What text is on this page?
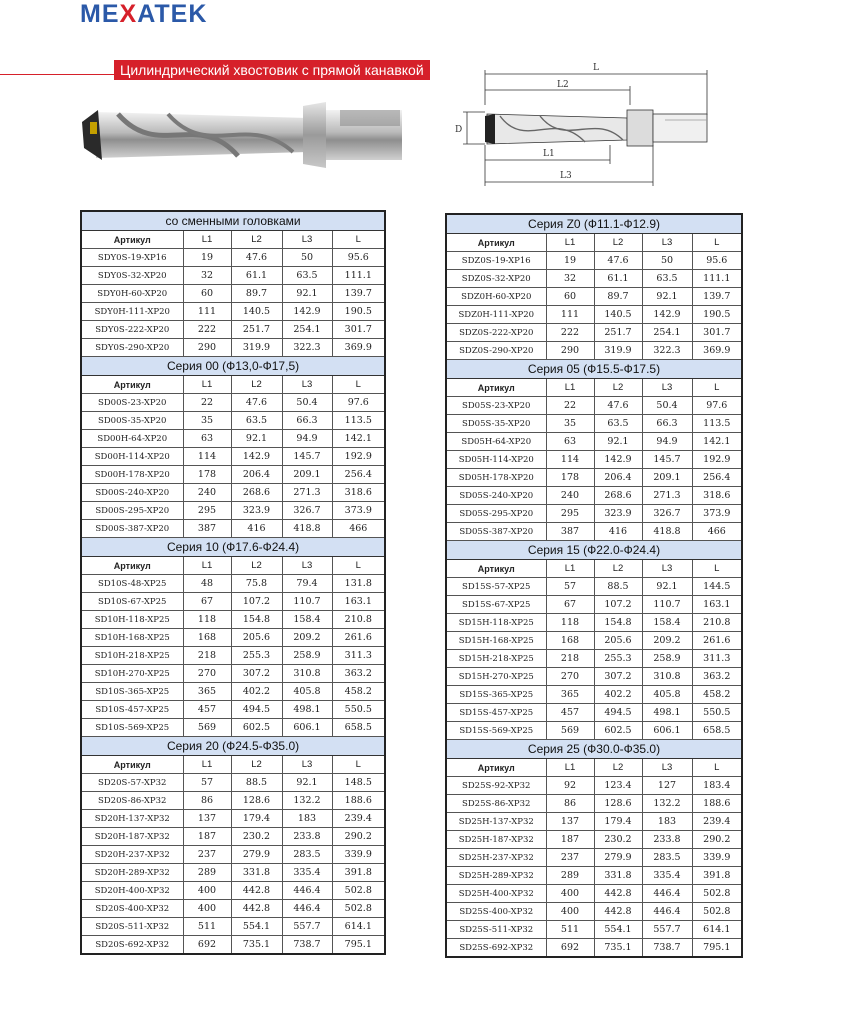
MEXATEK
Цилиндрический хвостовик с прямой канавкой	L
L2
L1
L3
D
со сменными головками				
Артикул	L1	L2	L3	L
SDY0S-19-XP16	19	47.6	50	95.6
SDY0S-32-XP20	32	61.1	63.5	111.1
SDY0H-60-XP20	60	89.7	92.1	139.7
SDY0H-111-XP20	111	140.5	142.9	190.5
SDY0S-222-XP20	222	251.7	254.1	301.7
SDY0S-290-XP20	290	319.9	322.3	369.9
Серия 00 (Ф13,0-Ф17,5)				
Артикул	L1	L2	L3	L
SD00S-23-XP20	22	47.6	50.4	97.6
SD00S-35-XP20	35	63.5	66.3	113.5
SD00H-64-XP20	63	92.1	94.9	142.1
SD00H-114-XP20	114	142.9	145.7	192.9
SD00H-178-XP20	178	206.4	209.1	256.4
SD00S-240-XP20	240	268.6	271.3	318.6
SD00S-295-XP20	295	323.9	326.7	373.9
SD00S-387-XP20	387	416	418.8	466
Серия 10 (Ф17.6-Ф24.4)				
Артикул	L1	L2	L3	L
SD10S-48-XP25	48	75.8	79.4	131.8
SD10S-67-XP25	67	107.2	110.7	163.1
SD10H-118-XP25	118	154.8	158.4	210.8
SD10H-168-XP25	168	205.6	209.2	261.6
SD10H-218-XP25	218	255.3	258.9	311.3
SD10H-270-XP25	270	307.2	310.8	363.2
SD10S-365-XP25	365	402.2	405.8	458.2
SD10S-457-XP25	457	494.5	498.1	550.5
SD10S-569-XP25	569	602.5	606.1	658.5
Серия 20 (Ф24.5-Ф35.0)				
Артикул	L1	L2	L3	L
SD20S-57-XP32	57	88.5	92.1	148.5
SD20S-86-XP32	86	128.6	132.2	188.6
SD20H-137-XP32	137	179.4	183	239.4
SD20H-187-XP32	187	230.2	233.8	290.2
SD20H-237-XP32	237	279.9	283.5	339.9
SD20H-289-XP32	289	331.8	335.4	391.8
SD20H-400-XP32	400	442.8	446.4	502.8
SD20S-400-XP32	400	442.8	446.4	502.8
SD20S-511-XP32	511	554.1	557.7	614.1
SD20S-692-XP32	692	735.1	738.7	795.1
Серия Z0 (Ф11.1-Ф12.9)				
Артикул	L1	L2	L3	L
SDZ0S-19-XP16	19	47.6	50	95.6
SDZ0S-32-XP20	32	61.1	63.5	111.1
SDZ0H-60-XP20	60	89.7	92.1	139.7
SDZ0H-111-XP20	111	140.5	142.9	190.5
SDZ0S-222-XP20	222	251.7	254.1	301.7
SDZ0S-290-XP20	290	319.9	322.3	369.9
Серия 05 (Ф15.5-Ф17.5)				
Артикул	L1	L2	L3	L
SD05S-23-XP20	22	47.6	50.4	97.6
SD05S-35-XP20	35	63.5	66.3	113.5
SD05H-64-XP20	63	92.1	94.9	142.1
SD05H-114-XP20	114	142.9	145.7	192.9
SD05H-178-XP20	178	206.4	209.1	256.4
SD05S-240-XP20	240	268.6	271.3	318.6
SD05S-295-XP20	295	323.9	326.7	373.9
SD05S-387-XP20	387	416	418.8	466
Серия 15 (Ф22.0-Ф24.4)				
Артикул	L1	L2	L3	L
SD15S-57-XP25	57	88.5	92.1	144.5
SD15S-67-XP25	67	107.2	110.7	163.1
SD15H-118-XP25	118	154.8	158.4	210.8
SD15H-168-XP25	168	205.6	209.2	261.6
SD15H-218-XP25	218	255.3	258.9	311.3
SD15H-270-XP25	270	307.2	310.8	363.2
SD15S-365-XP25	365	402.2	405.8	458.2
SD15S-457-XP25	457	494.5	498.1	550.5
SD15S-569-XP25	569	602.5	606.1	658.5
Серия 25 (Ф30.0-Ф35.0)				
Артикул	L1	L2	L3	L
SD25S-92-XP32	92	123.4	127	183.4
SD25S-86-XP32	86	128.6	132.2	188.6
SD25H-137-XP32	137	179.4	183	239.4
SD25H-187-XP32	187	230.2	233.8	290.2
SD25H-237-XP32	237	279.9	283.5	339.9
SD25H-289-XP32	289	331.8	335.4	391.8
SD25H-400-XP32	400	442.8	446.4	502.8
SD25S-400-XP32	400	442.8	446.4	502.8
SD25S-511-XP32	511	554.1	557.7	614.1
SD25S-692-XP32	692	735.1	738.7	795.1
